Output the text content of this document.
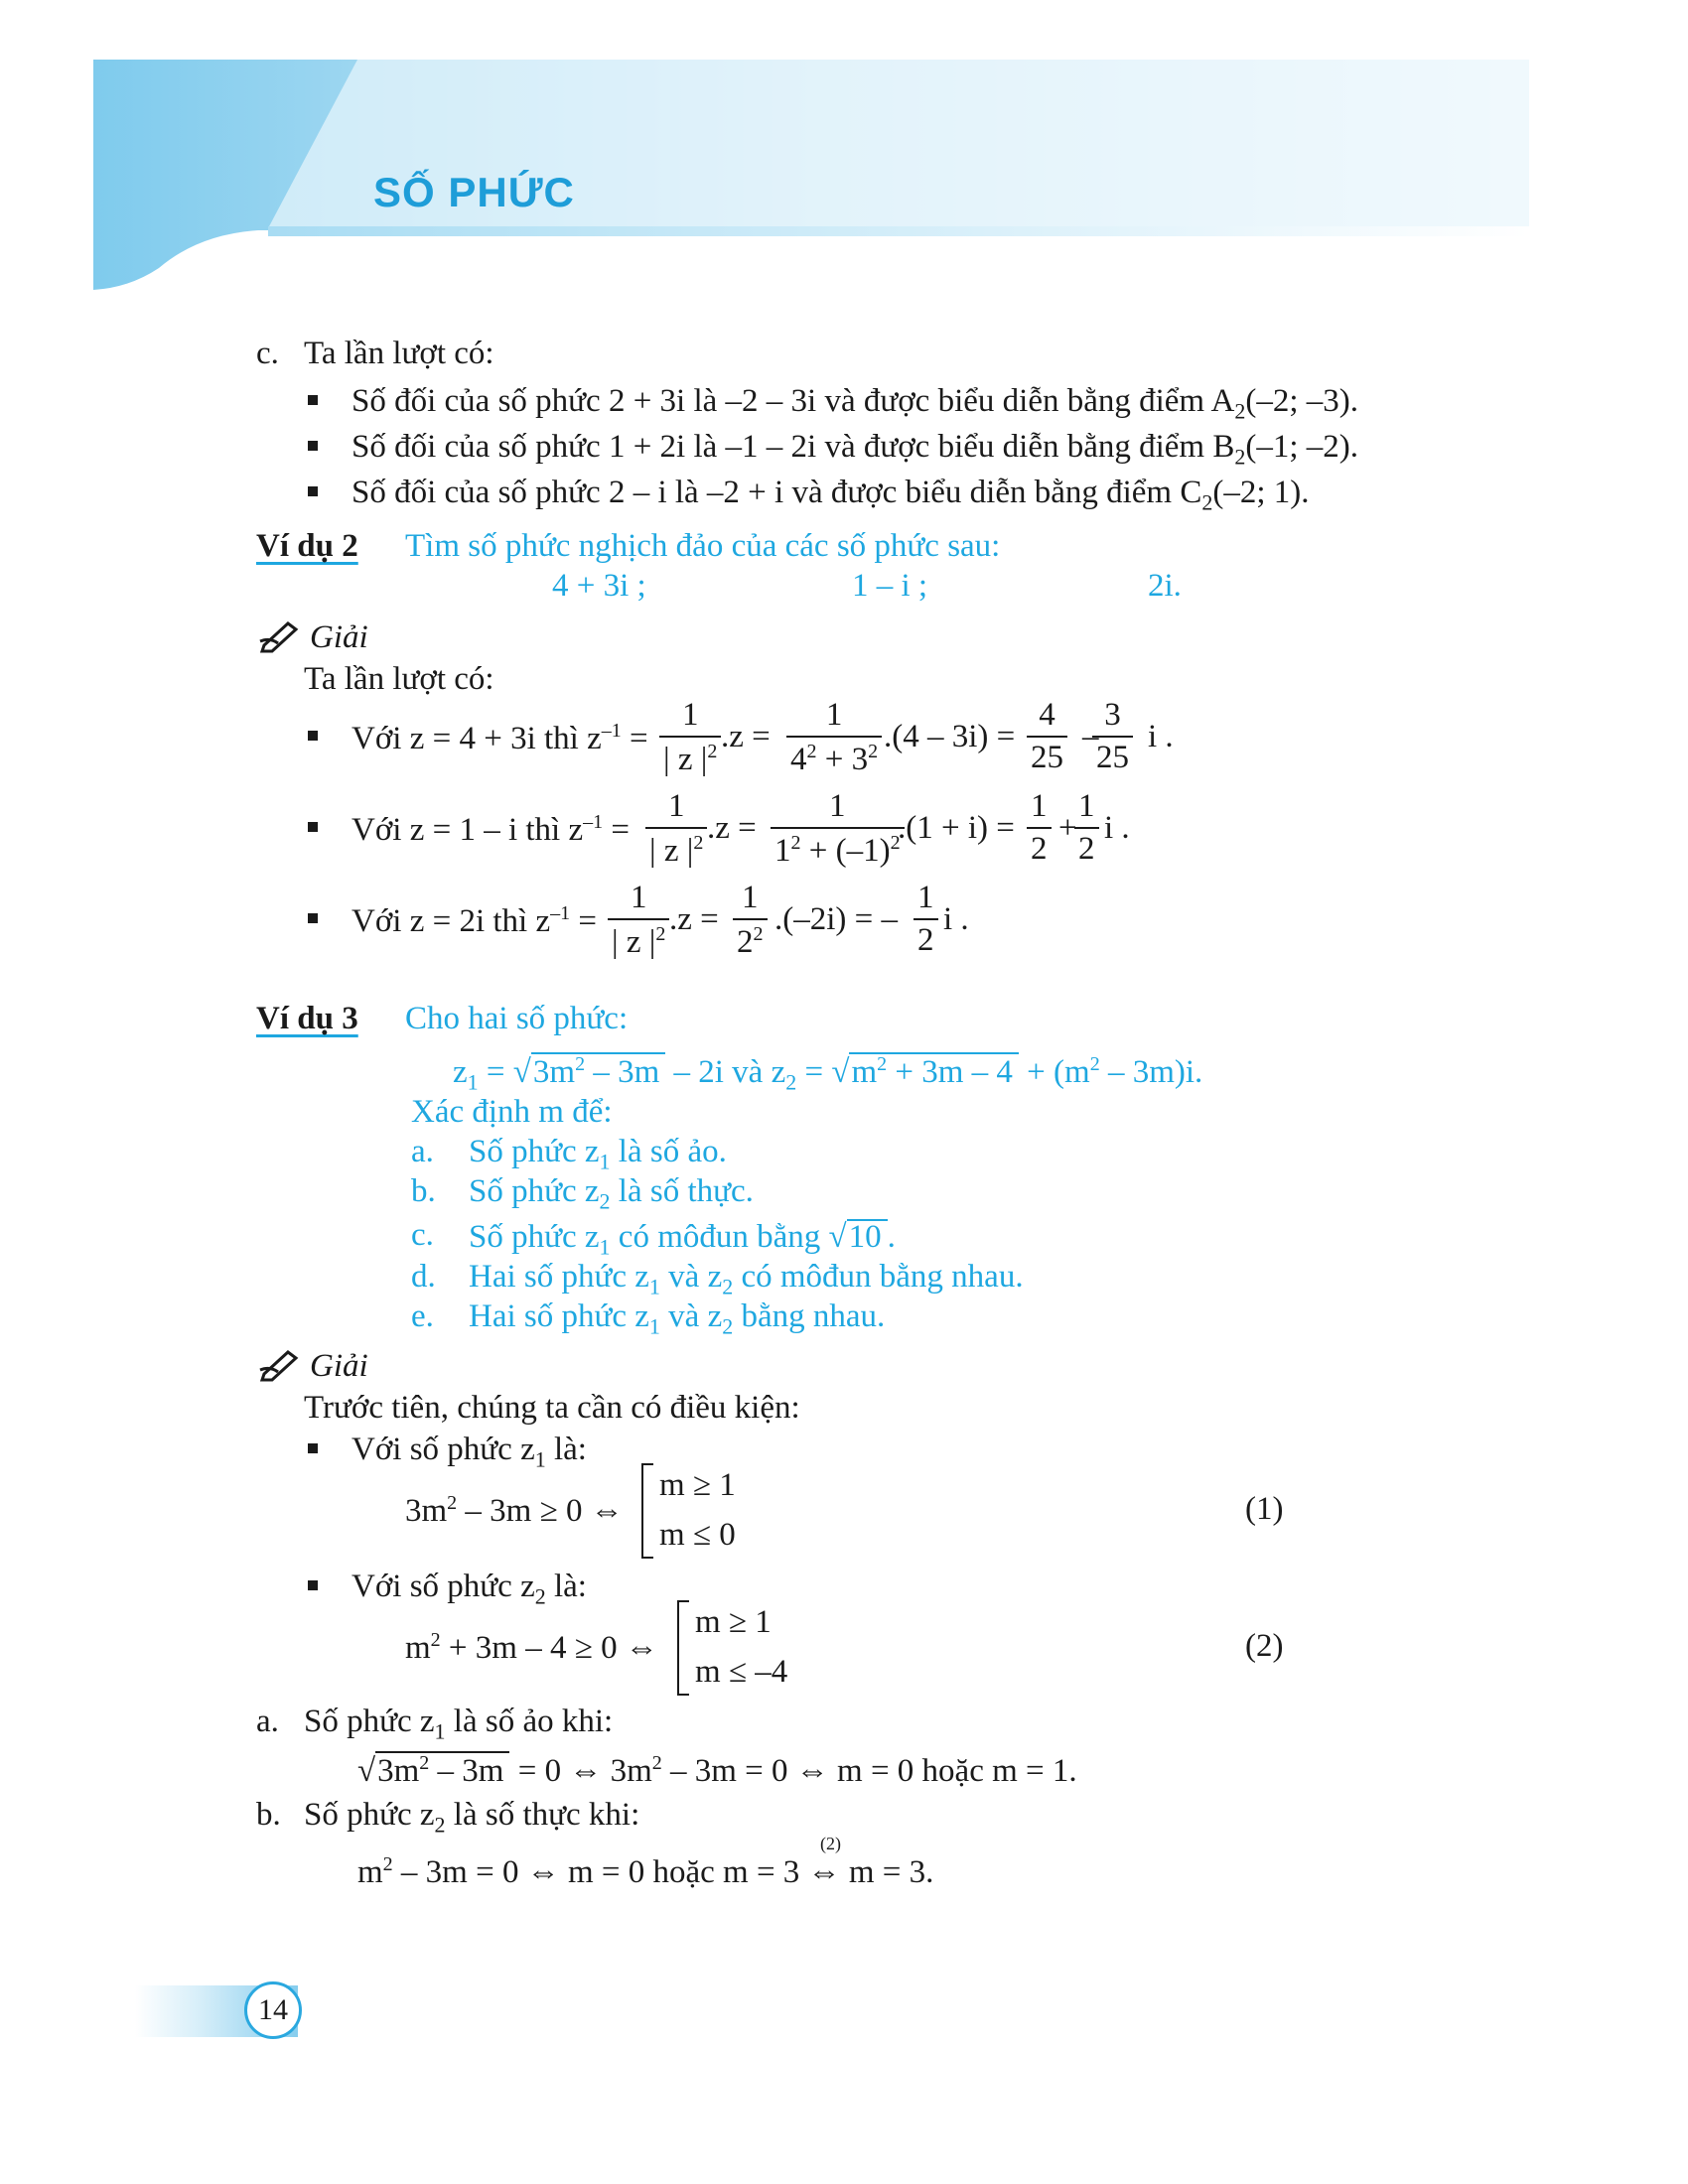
SỐ PHỨC
c. Ta lần lượt có:
Số đối của số phức 2 + 3i là –2 – 3i và được biểu diễn bằng điểm $A_2(-2$; –3).
Số đối của số phức 1 + 2i là –1 – 2i và được biểu diễn bằng điểm $B_2(-1$; –2).
Số đối của số phức 2 – i là –2 + i và được biểu diễn bằng điểm $C_2(-2$; 1).
Ví dụ 2 Tìm số phức nghịch đảo của các số phức sau:
4 + 3i ;	1 – i ;	2i.
Giải
Ta lần lượt có:
Với z = 4 + 3i thì $z^{-1} = \frac{1}{| z |^2} .z = \frac{1}{4^2 + 3^2} .(4 - 3i) = \frac{4}{25}$ –
$\frac{3}{25}$ i .
Với z = 1 – i thì $z^{-1} = \frac{1}{| z |^2} .z = \frac{1}{1^2 + (-1)^2}$
$.(1 + i) = \frac{1}{2}$ +
$\frac{1}{2}$ i .
Với z = 2i thì $z^{-1} = \frac{1}{| z |^2} .z = \frac{1}{2^2} .(-2i)$ = – $\frac{1}{2}$ i .
Ví dụ 3 Cho hai số phức:
$z_1 = √3m^2 - 3m - 2i$ và $z_2 = √m^2 + 3m - 4 + (m^2 - 3m)i$.
Xác định m để:
a. Số phức $z_1$ là số ảo.
b. Số phức $z_2$ là số thực.
c. Số phức $z_1$ có môđun bằng √10 .
d. Hai số phức $z_1$ và $z_2$ có môđun bằng nhau.
e. Hai số phức $z_1$ và $z_2$ bằng nhau.
Giải
Trước tiên, chúng ta cần có điều kiện:
Với số phức $z_1$ là:
$3m^2 - 3m \ge 0$ ⇔
m ≥ 1
m ≤ 0
(1)
Với số phức $z_2$ là:
$m^2 + 3m - 4 \ge 0$ ⇔
m ≥ 1
m ≤ –4
(2)
a. Số phức $z_1$ là số ảo khi:
$√3m^2 - 3m = 0$ ⇔ $3m^2 - 3m = 0$ ⇔ m = 0 hoặc m = 1.
b. Số phức $z_2$ là số thực khi:
$m^2 - 3m = 0$ ⇔ m = 0 hoặc m = 3 ⇔ m = 3.
(2)
14
